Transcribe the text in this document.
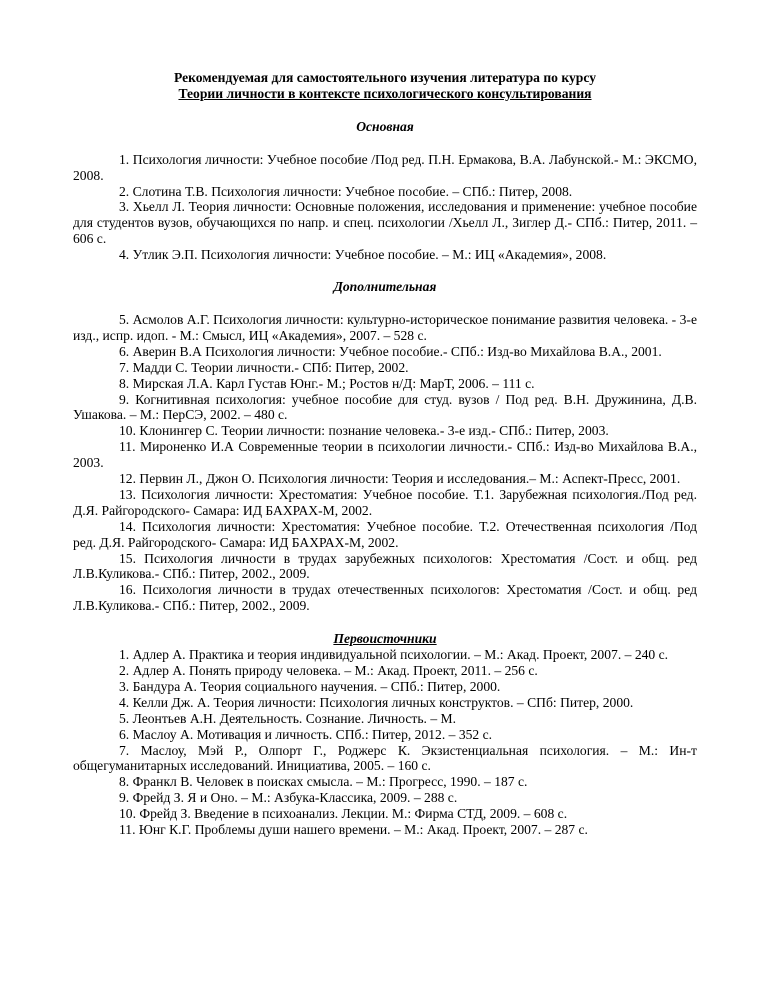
Рекомендуемая для самостоятельного изучения литература по курсу
Теории личности в контексте психологического консультирования
Основная

1. Психология личности: Учебное пособие /Под ред. П.Н. Ермакова, В.А. Лабунской.- М.: ЭКСМО, 2008.

2. Слотина Т.В. Психология личности: Учебное пособие. – СПб.: Питер, 2008.

3. Хьелл Л. Теория личности: Основные положения, исследования и применение: учебное пособие для студентов вузов, обучающихся по напр. и спец. психологии /Хьелл Л., Зиглер Д.- СПб.: Питер, 2011. – 606 с.

4. Утлик Э.П. Психология личности: Учебное пособие. – М.: ИЦ «Академия», 2008.

Дополнительная

5. Асмолов А.Г. Психология личности: культурно-историческое понимание развития человека. - 3-е изд., испр. идоп. - М.: Смысл, ИЦ «Академия», 2007. – 528 с.

6. Аверин В.А Психология личности: Учебное пособие.- СПб.: Изд-во Михайлова В.А., 2001.

7. Мадди С. Теории личности.- СПб: Питер, 2002.

8. Мирская Л.А. Карл Густав Юнг.- М.; Ростов н/Д: МарТ, 2006. – 111 с.

9. Когнитивная психология: учебное пособие для студ. вузов / Под ред. В.Н. Дружинина, Д.В. Ушакова. – М.: ПерСЭ, 2002. – 480 с.

10. Клонингер С. Теории личности: познание человека.- 3-е изд.- СПб.: Питер, 2003.

11. Мироненко И.А Современные теории в психологии личности.- СПб.: Изд-во Михайлова В.А., 2003.

12. Первин Л., Джон О. Психология личности: Теория и исследования.– М.: Аспект-Пресс, 2001.

13. Психология личности: Хрестоматия: Учебное пособие. Т.1. Зарубежная психология./Под ред. Д.Я. Райгородского- Самара: ИД БАХРАХ-М, 2002.

14. Психология личности: Хрестоматия: Учебное пособие. Т.2. Отечественная психология /Под ред. Д.Я. Райгородского- Самара: ИД БАХРАХ-М, 2002.

15. Психология личности в трудах зарубежных психологов: Хрестоматия /Сост. и общ. ред Л.В.Куликова.- СПб.: Питер, 2002., 2009.

16. Психология личности в трудах отечественных психологов: Хрестоматия /Сост. и общ. ред Л.В.Куликова.- СПб.: Питер, 2002., 2009.

Первоисточники

1. Адлер А. Практика и теория индивидуальной психологии. – М.: Акад. Проект, 2007. – 240 с.

2. Адлер А. Понять природу человека. – М.: Акад. Проект, 2011. – 256 с.

3. Бандура А. Теория социального научения. – СПб.: Питер, 2000.

4. Келли Дж. А. Теория личности: Психология личных конструктов. – СПб: Питер, 2000.

5. Леонтьев А.Н. Деятельность. Сознание. Личность. – М.

6. Маслоу А. Мотивация и личность. СПб.: Питер, 2012. – 352 с.

7. Маслоу, Мэй Р., Олпорт Г., Роджерс К. Экзистенциальная психология. – М.: Ин-т общегуманитарных исследований. Инициатива, 2005. – 160 с.

8. Франкл В. Человек в поисках смысла. – М.: Прогресс, 1990. – 187 с.

9. Фрейд З. Я и Оно. – М.: Азбука-Классика, 2009. – 288 с.

10. Фрейд З. Введение в психоанализ. Лекции. М.: Фирма СТД, 2009. – 608 с.

11. Юнг К.Г. Проблемы души нашего времени. – М.: Акад. Проект, 2007. – 287 с.
